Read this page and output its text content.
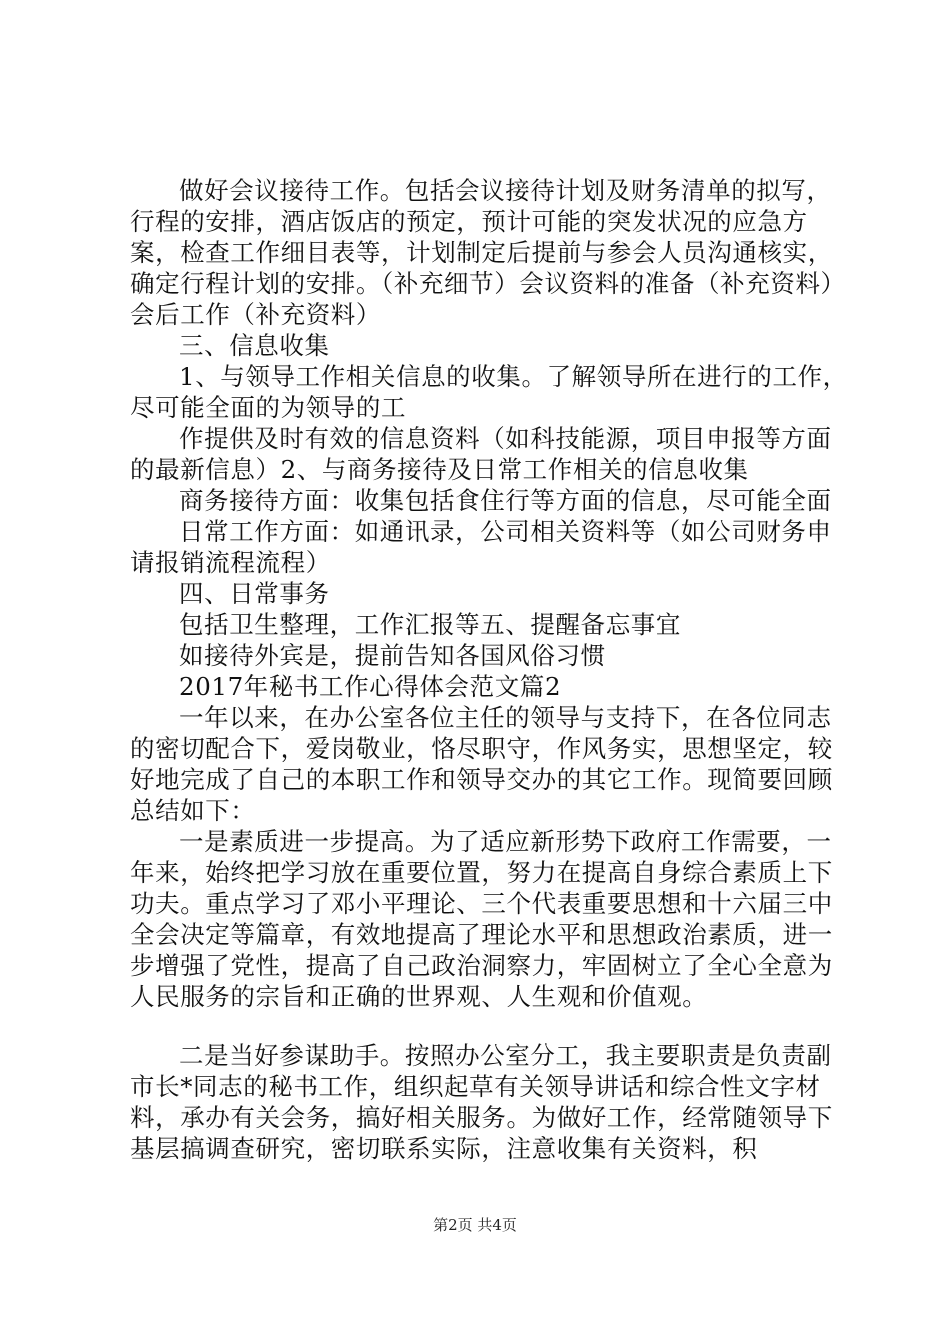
做好会议接待工作。包括会议接待计划及财务清单的拟写，行程的安排，酒店饭店的预定，预计可能的突发状况的应急方案，检查工作细目表等，计划制定后提前与参会人员沟通核实，确定行程计划的安排。（补充细节）会议资料的准备（补充资料）会后工作（补充资料）

三、信息收集

1、与领导工作相关信息的收集。了解领导所在进行的工作，尽可能全面的为领导的工

作提供及时有效的信息资料（如科技能源，项目申报等方面的最新信息）2、与商务接待及日常工作相关的信息收集

商务接待方面：收集包括食住行等方面的信息，尽可能全面

日常工作方面：如通讯录，公司相关资料等（如公司财务申请报销流程流程）

四、日常事务

包括卫生整理，工作汇报等五、提醒备忘事宜

如接待外宾是，提前告知各国风俗习惯

2017年秘书工作心得体会范文篇2

一年以来，在办公室各位主任的领导与支持下，在各位同志的密切配合下，爱岗敬业，恪尽职守，作风务实，思想坚定，较好地完成了自己的本职工作和领导交办的其它工作。现简要回顾总结如下：

一是素质进一步提高。为了适应新形势下政府工作需要，一年来，始终把学习放在重要位置，努力在提高自身综合素质上下功夫。重点学习了邓小平理论、三个代表重要思想和十六届三中全会决定等篇章，有效地提高了理论水平和思想政治素质，进一步增强了党性，提高了自己政治洞察力，牢固树立了全心全意为人民服务的宗旨和正确的世界观、人生观和价值观。

二是当好参谋助手。按照办公室分工，我主要职责是负责副市长*同志的秘书工作，组织起草有关领导讲话和综合性文字材料，承办有关会务，搞好相关服务。为做好工作，经常随领导下基层搞调查研究，密切联系实际，注意收集有关资料，积

第2页 共4页
